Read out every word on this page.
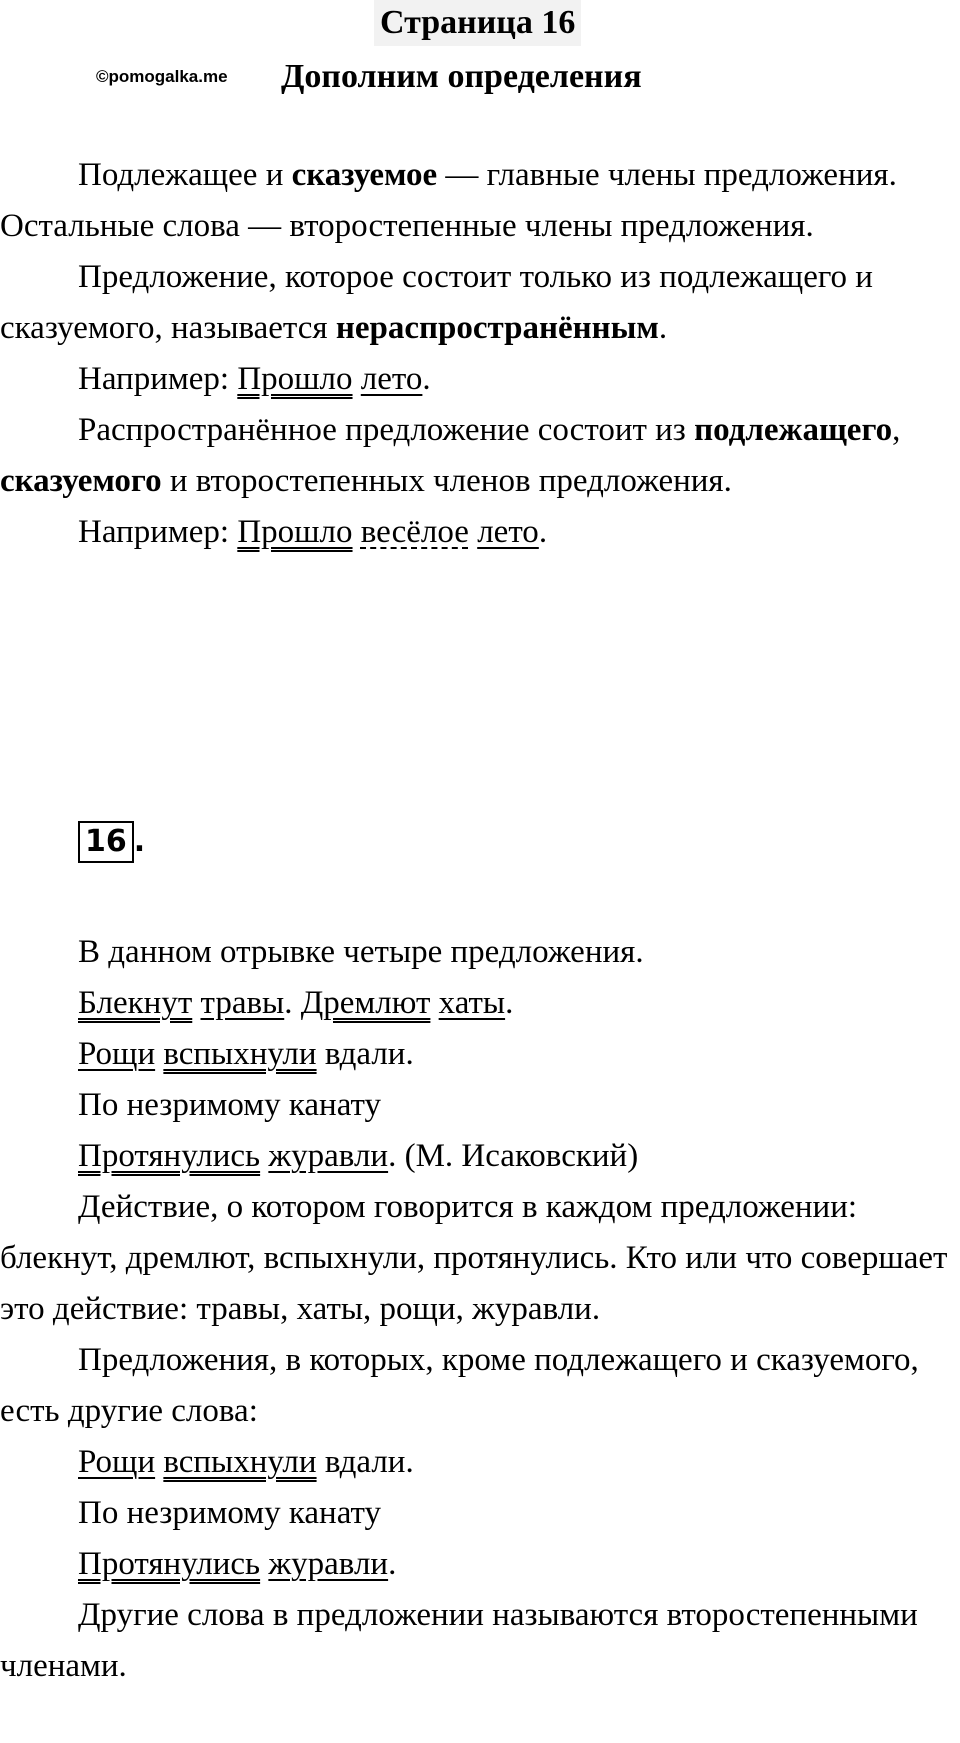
Страница 16
©pomogalka.me Дополним определения

Подлежащее и сказуемое — главные члены предложения. Остальные слова — второстепенные члены предложения.

Предложение, которое состоит только из подлежащего и сказуемого, называется нераспространённым.

Например: Прошло лето.

Распространённое предложение состоит из подлежащего, сказуемого и второстепенных членов предложения.

Например: Прошло весёлое лето.

16 .

В данном отрывке четыре предложения.

Блекнут травы. Дремлют хаты.

Рощи вспыхнули вдали.

По незримому канату

Протянулись журавли. (М. Исаковский)

Действие, о котором говорится в каждом предложении: блекнут, дремлют, вспыхнули, протянулись. Кто или что совершает это действие: травы, хаты, рощи, журавли.

Предложения, в которых, кроме подлежащего и сказуемого, есть другие слова:

Рощи вспыхнули вдали.

По незримому канату

Протянулись журавли.

Другие слова в предложении называются второстепенными членами.
